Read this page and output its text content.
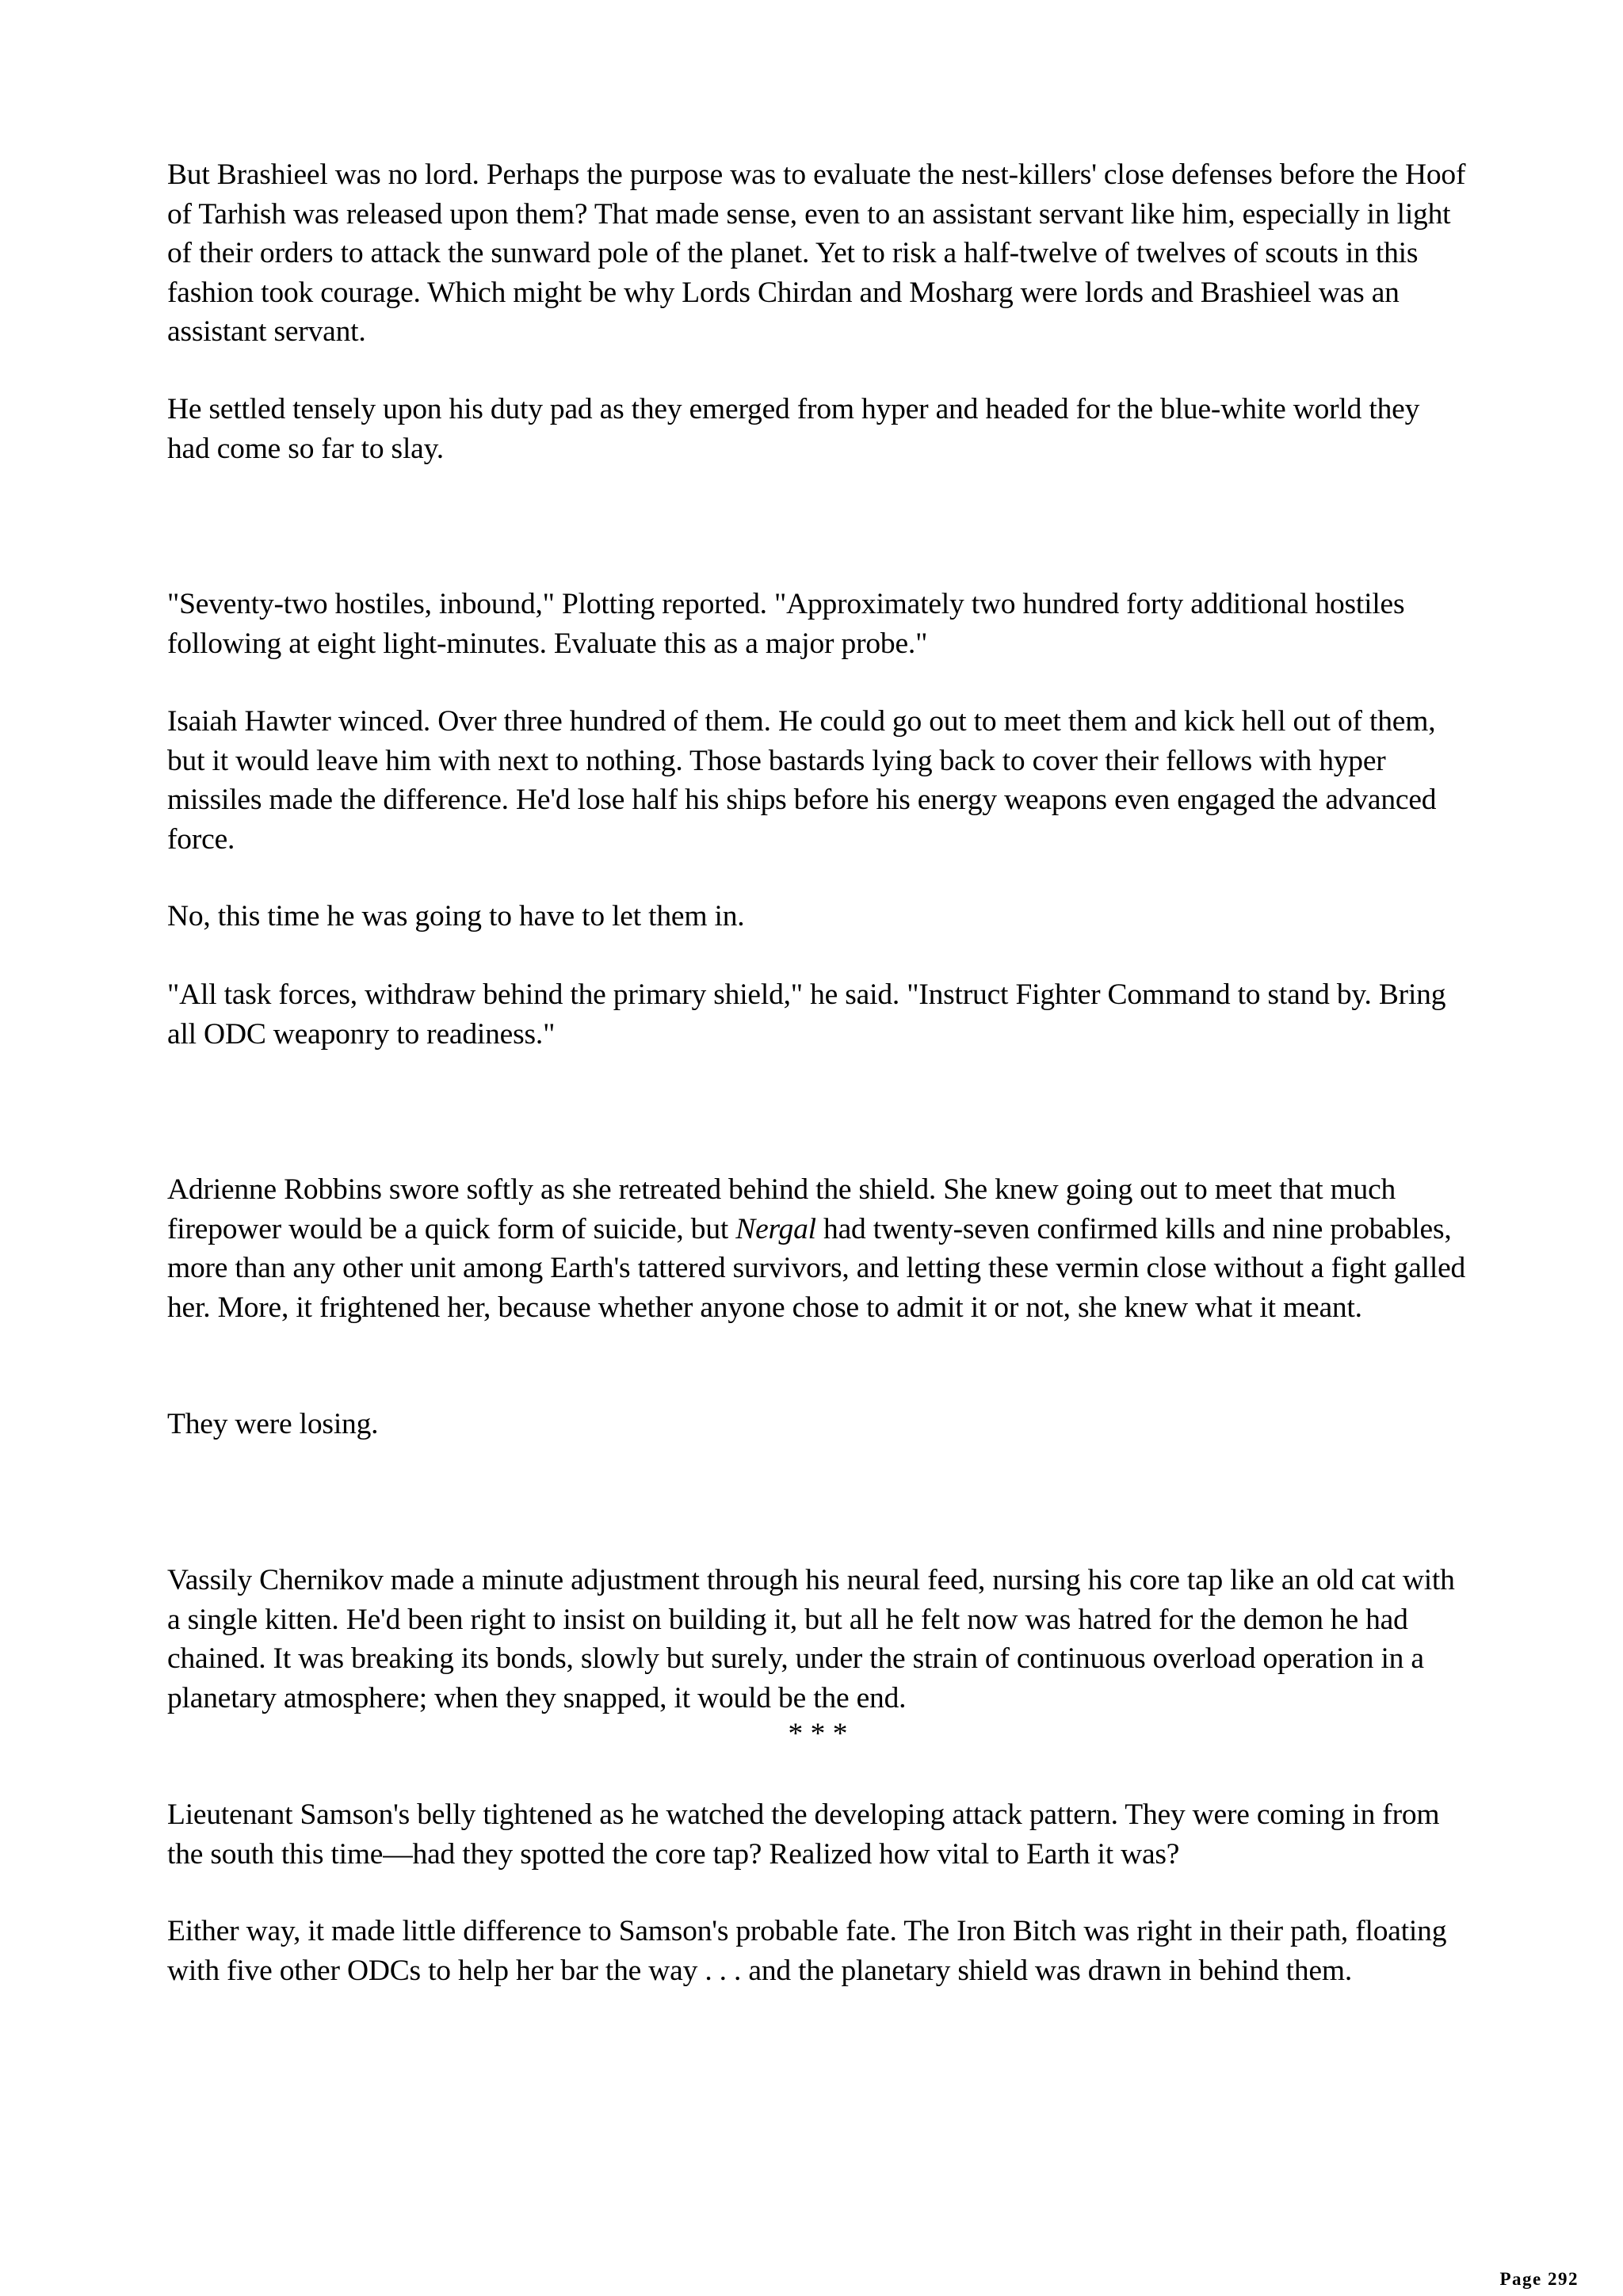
But Brashieel was no lord. Perhaps the purpose was to evaluate the nest-killers' close defenses before the Hoof of Tarhish was released upon them? That made sense, even to an assistant servant like him, especially in light of their orders to attack the sunward pole of the planet. Yet to risk a half-twelve of twelves of scouts in this fashion took courage. Which might be why Lords Chirdan and Mosharg were lords and Brashieel was an assistant servant.

He settled tensely upon his duty pad as they emerged from hyper and headed for the blue-white world they had come so far to slay.

"Seventy-two hostiles, inbound," Plotting reported. "Approximately two hundred forty additional hostiles following at eight light-minutes. Evaluate this as a major probe."

Isaiah Hawter winced. Over three hundred of them. He could go out to meet them and kick hell out of them, but it would leave him with next to nothing. Those bastards lying back to cover their fellows with hyper missiles made the difference. He'd lose half his ships before his energy weapons even engaged the advanced force.

No, this time he was going to have to let them in.

"All task forces, withdraw behind the primary shield," he said. "Instruct Fighter Command to stand by. Bring all ODC weaponry to readiness."

Adrienne Robbins swore softly as she retreated behind the shield. She knew going out to meet that much firepower would be a quick form of suicide, but Nergal had twenty-seven confirmed kills and nine probables, more than any other unit among Earth's tattered survivors, and letting these vermin close without a fight galled her. More, it frightened her, because whether anyone chose to admit it or not, she knew what it meant.

They were losing.

Vassily Chernikov made a minute adjustment through his neural feed, nursing his core tap like an old cat with a single kitten. He'd been right to insist on building it, but all he felt now was hatred for the demon he had chained. It was breaking its bonds, slowly but surely, under the strain of continuous overload operation in a planetary atmosphere; when they snapped, it would be the end.

* * *

Lieutenant Samson's belly tightened as he watched the developing attack pattern. They were coming in from the south this time—had they spotted the core tap? Realized how vital to Earth it was?

Either way, it made little difference to Samson's probable fate. The Iron Bitch was right in their path, floating with five other ODCs to help her bar the way . . . and the planetary shield was drawn in behind them.

Page 292
